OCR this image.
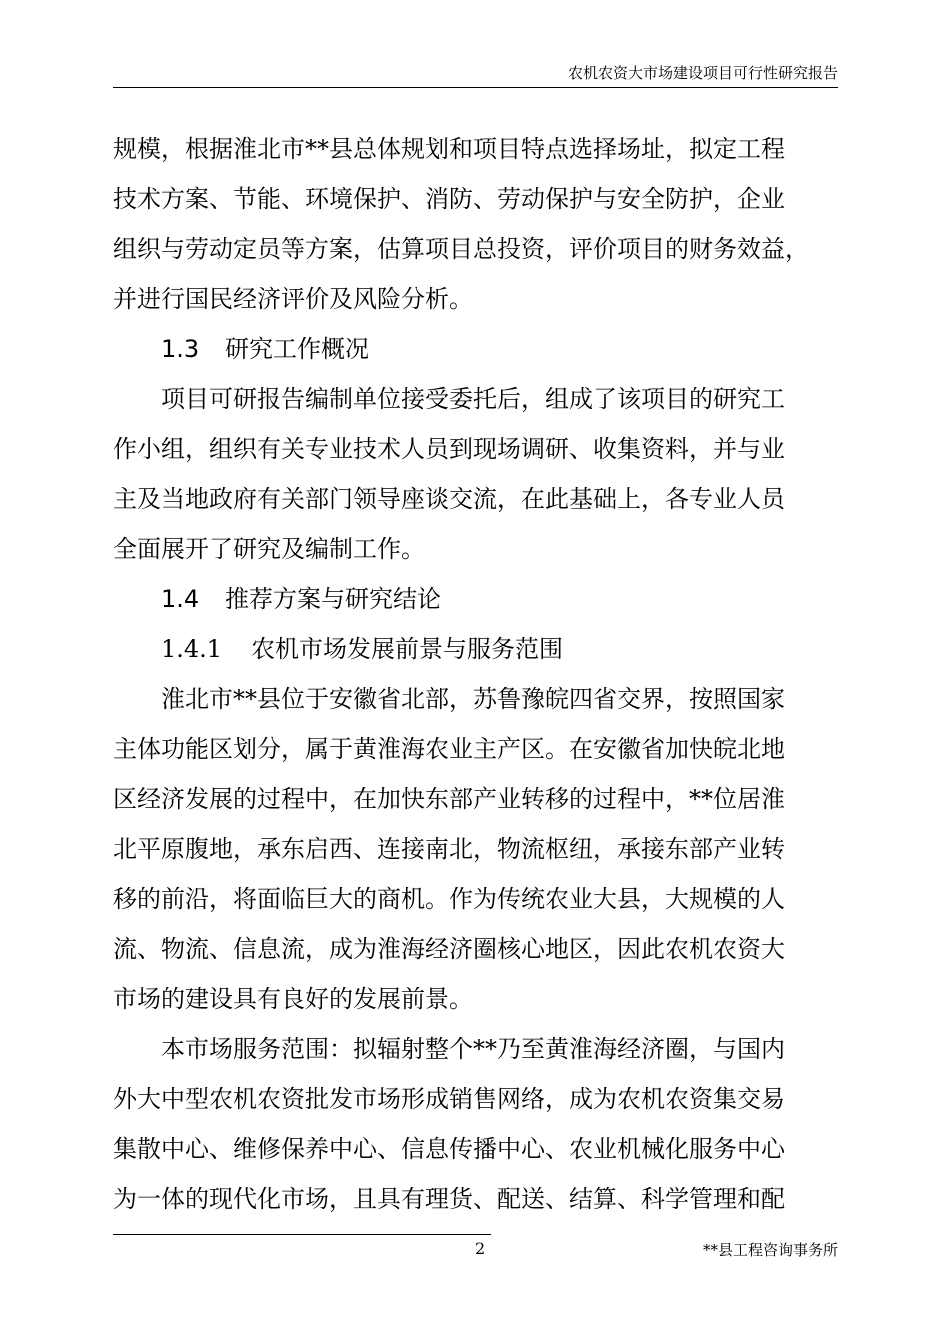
农机农资大市场建设项目可行性研究报告
规模，根据淮北市**县总体规划和项目特点选择场址，拟定工程
技术方案、节能、环境保护、消防、劳动保护与安全防护，企业
组织与劳动定员等方案，估算项目总投资，评价项目的财务效益，
并进行国民经济评价及风险分析。
1.3 研究工作概况
项目可研报告编制单位接受委托后，组成了该项目的研究工
作小组，组织有关专业技术人员到现场调研、收集资料，并与业
主及当地政府有关部门领导座谈交流，在此基础上，各专业人员
全面展开了研究及编制工作。
1.4 推荐方案与研究结论
1.4.1 农机市场发展前景与服务范围
淮北市**县位于安徽省北部，苏鲁豫皖四省交界，按照国家
主体功能区划分，属于黄淮海农业主产区。在安徽省加快皖北地
区经济发展的过程中，在加快东部产业转移的过程中，**位居淮
北平原腹地，承东启西、连接南北，物流枢纽，承接东部产业转
移的前沿，将面临巨大的商机。作为传统农业大县，大规模的人
流、物流、信息流，成为淮海经济圈核心地区，因此农机农资大
市场的建设具有良好的发展前景。
本市场服务范围：拟辐射整个**乃至黄淮海经济圈，与国内
外大中型农机农资批发市场形成销售网络，成为农机农资集交易
集散中心、维修保养中心、信息传播中心、农业机械化服务中心
为一体的现代化市场，且具有理货、配送、结算、科学管理和配
2	**县工程咨询事务所
